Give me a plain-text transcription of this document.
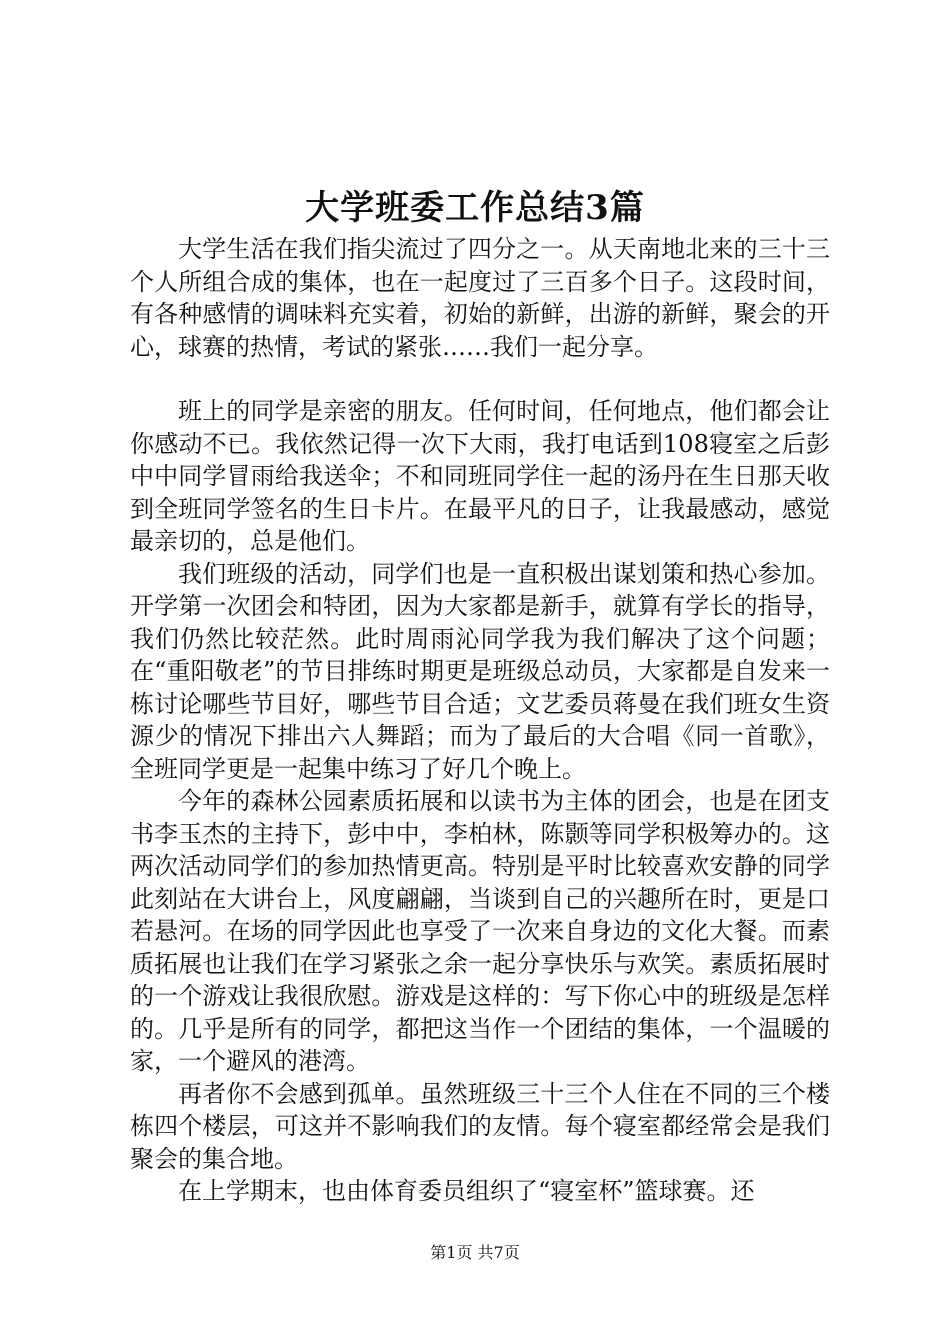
大学班委工作总结3篇

大学生活在我们指尖流过了四分之一。从天南地北来的三十三个人所组合成的集体，也在一起度过了三百多个日子。这段时间，有各种感情的调味料充实着，初始的新鲜，出游的新鲜，聚会的开心，球赛的热情，考试的紧张……我们一起分享。

班上的同学是亲密的朋友。任何时间，任何地点，他们都会让你感动不已。我依然记得一次下大雨，我打电话到108寝室之后彭中中同学冒雨给我送伞；不和同班同学住一起的汤丹在生日那天收到全班同学签名的生日卡片。在最平凡的日子，让我最感动，感觉最亲切的，总是他们。

我们班级的活动，同学们也是一直积极出谋划策和热心参加。开学第一次团会和特团，因为大家都是新手，就算有学长的指导，我们仍然比较茫然。此时周雨沁同学我为我们解决了这个问题；在“重阳敬老”的节目排练时期更是班级总动员，大家都是自发来一栋讨论哪些节目好，哪些节目合适；文艺委员蒋曼在我们班女生资源少的情况下排出六人舞蹈；而为了最后的大合唱《同一首歌》，全班同学更是一起集中练习了好几个晚上。

今年的森林公园素质拓展和以读书为主体的团会，也是在团支书李玉杰的主持下，彭中中，李柏林，陈颢等同学积极筹办的。这两次活动同学们的参加热情更高。特别是平时比较喜欢安静的同学此刻站在大讲台上，风度翩翩，当谈到自己的兴趣所在时，更是口若悬河。在场的同学因此也享受了一次来自身边的文化大餐。而素质拓展也让我们在学习紧张之余一起分享快乐与欢笑。素质拓展时的一个游戏让我很欣慰。游戏是这样的：写下你心中的班级是怎样的。几乎是所有的同学，都把这当作一个团结的集体，一个温暖的家，一个避风的港湾。

再者你不会感到孤单。虽然班级三十三个人住在不同的三个楼栋四个楼层，可这并不影响我们的友情。每个寝室都经常会是我们聚会的集合地。

在上学期末，也由体育委员组织了“寝室杯”篮球赛。还

第1页 共7页
